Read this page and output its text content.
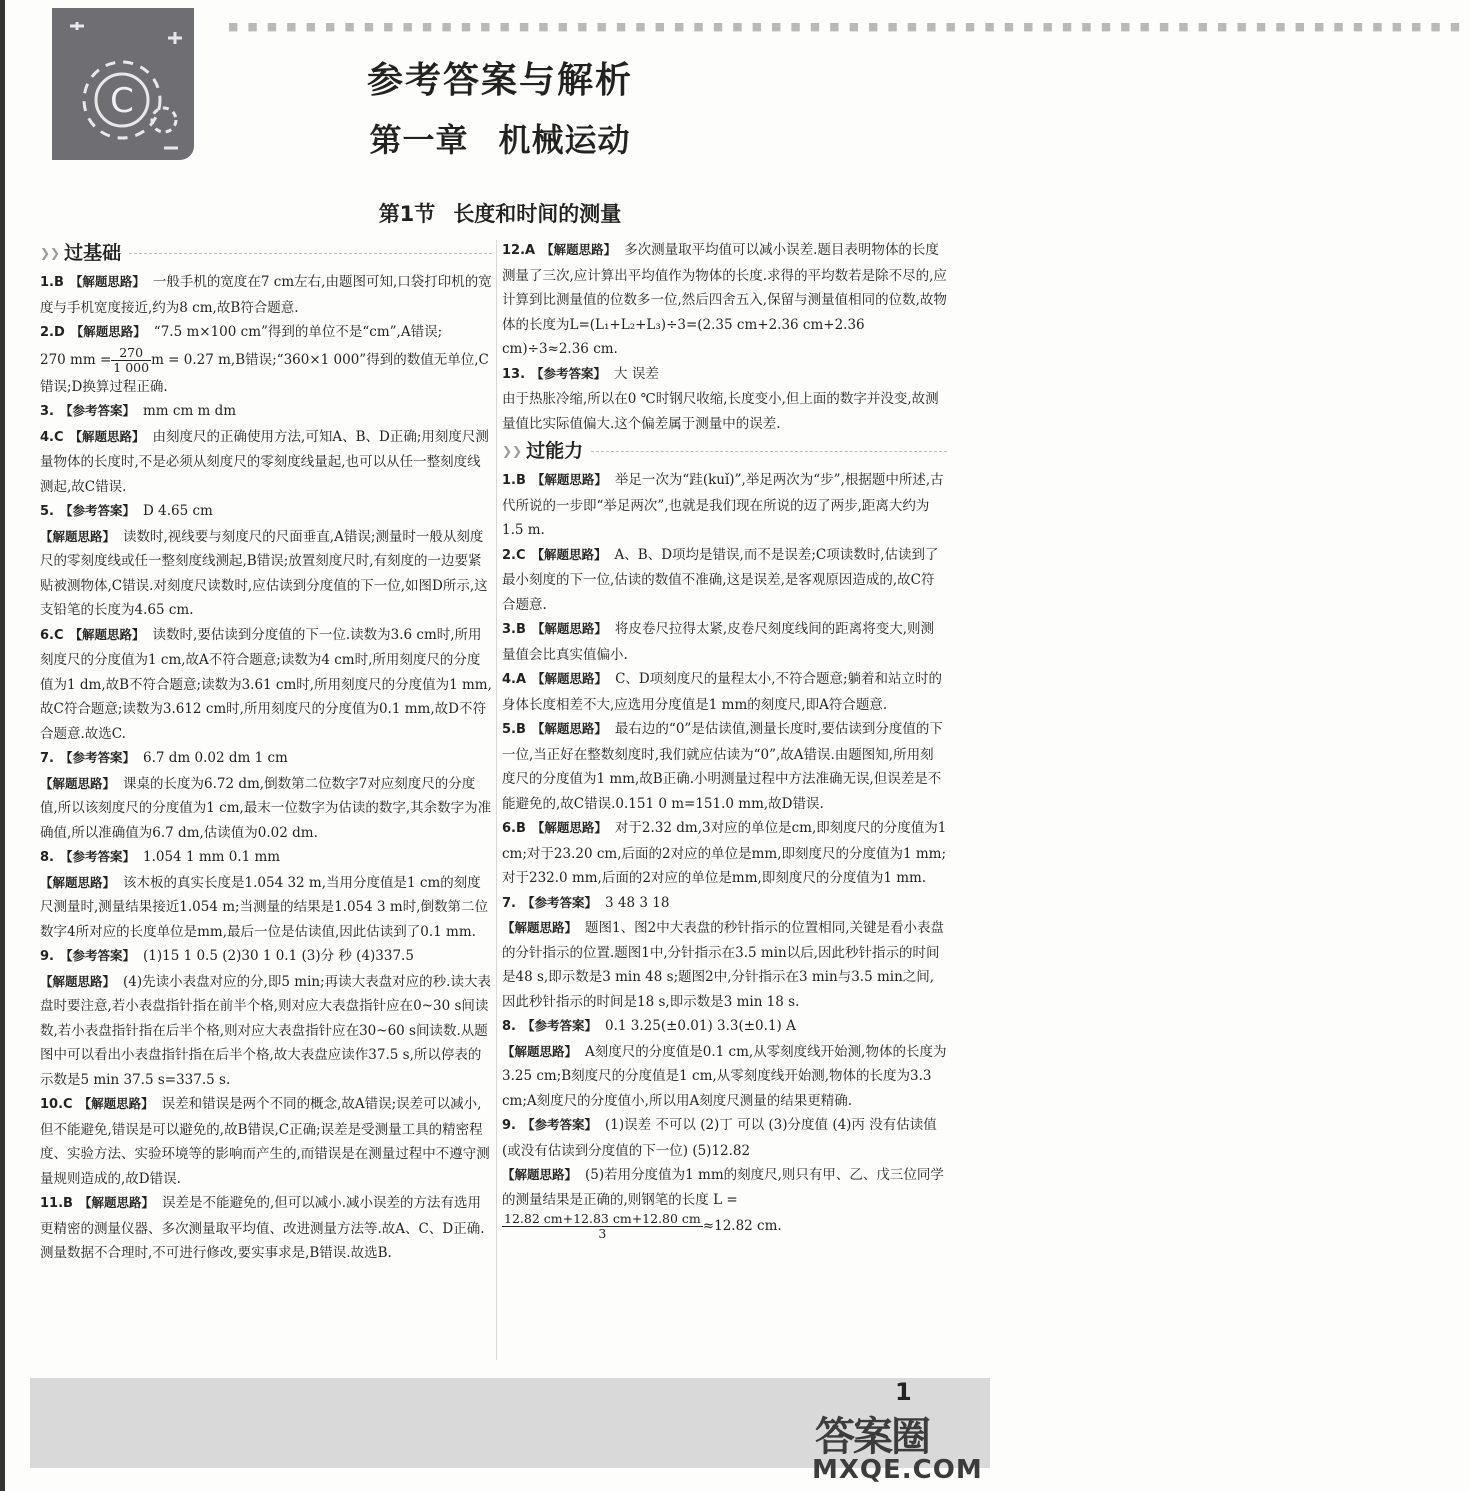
■■■■■■■■■■■■■■■■■■■■■■■■■■■■■■■■■■■■■■■■■■■■■■■■■■■■■■■■■■■■■■■■
C	参考答案与解析
第一章 机械运动
第1节 长度和时间的测量
❯❯ 过基础

1.B 【解题思路】 一般手机的宽度在7 cm左右,由题图可知,口袋打印机的宽度与手机宽度接近,约为8 cm,故B符合题意.

2.D 【解题思路】 “7.5 m×100 cm”得到的单位不是“cm”,A错误;
270 mm = $\frac{270}{1 000}$ m = 0.27 m,B错误;“360×1 000”得到的数值无单位,C错误;D换算过程正确.

3. 【参考答案】 mm cm m dm

4.C 【解题思路】 由刻度尺的正确使用方法,可知A、B、D正确;用刻度尺测量物体的长度时,不是必须从刻度尺的零刻度线量起,也可以从任一整刻度线测起,故C错误.

5. 【参考答案】 D 4.65 cm

【解题思路】 读数时,视线要与刻度尺的尺面垂直,A错误;测量时一般从刻度尺的零刻度线或任一整刻度线测起,B错误;放置刻度尺时,有刻度的一边要紧贴被测物体,C错误.对刻度尺读数时,应估读到分度值的下一位,如图D所示,这支铅笔的长度为4.65 cm.

6.C 【解题思路】 读数时,要估读到分度值的下一位.读数为3.6 cm时,所用刻度尺的分度值为1 cm,故A不符合题意;读数为4 cm时,所用刻度尺的分度值为1 dm,故B不符合题意;读数为3.61 cm时,所用刻度尺的分度值为1 mm,故C符合题意;读数为3.612 cm时,所用刻度尺的分度值为0.1 mm,故D不符合题意.故选C.

7. 【参考答案】 6.7 dm 0.02 dm 1 cm

【解题思路】 课桌的长度为6.72 dm,倒数第二位数字7对应刻度尺的分度值,所以该刻度尺的分度值为1 cm,最末一位数字为估读的数字,其余数字为准确值,所以准确值为6.7 dm,估读值为0.02 dm.

8. 【参考答案】 1.054 1 mm 0.1 mm

【解题思路】 该木板的真实长度是1.054 32 m,当用分度值是1 cm的刻度尺测量时,测量结果接近1.054 m;当测量的结果是1.054 3 m时,倒数第二位数字4所对应的长度单位是mm,最后一位是估读值,因此估读到了0.1 mm.

9. 【参考答案】 (1)15 1 0.5 (2)30 1 0.1 (3)分 秒 (4)337.5

【解题思路】 (4)先读小表盘对应的分,即5 min;再读大表盘对应的秒.读大表盘时要注意,若小表盘指针指在前半个格,则对应大表盘指针应在0~30 s间读数,若小表盘指针指在后半个格,则对应大表盘指针应在30~60 s间读数.从题图中可以看出小表盘指针指在后半个格,故大表盘应读作37.5 s,所以停表的示数是5 min 37.5 s=337.5 s.

10.C 【解题思路】 误差和错误是两个不同的概念,故A错误;误差可以减小,但不能避免,错误是可以避免的,故B错误,C正确;误差是受测量工具的精密程度、实验方法、实验环境等的影响而产生的,而错误是在测量过程中不遵守测量规则造成的,故D错误.

11.B 【解题思路】 误差是不能避免的,但可以减小.减小误差的方法有选用更精密的测量仪器、多次测量取平均值、改进测量方法等.故A、C、D正确.测量数据不合理时,不可进行修改,要实事求是,B错误.故选B.

12.A 【解题思路】 多次测量取平均值可以减小误差.题目表明物体的长度测量了三次,应计算出平均值作为物体的长度.求得的平均数若是除不尽的,应计算到比测量值的位数多一位,然后四舍五入,保留与测量值相同的位数,故物体的长度为L=(L₁+L₂+L₃)÷3=(2.35 cm+2.36 cm+2.36 cm)÷3≈2.36 cm.

13. 【参考答案】 大 误差

由于热胀冷缩,所以在0 ℃时钢尺收缩,长度变小,但上面的数字并没变,故测量值比实际值偏大.这个偏差属于测量中的误差.

❯❯ 过能力

1.B 【解题思路】 举足一次为“跬(kuǐ)”,举足两次为“步”,根据题中所述,古代所说的一步即“举足两次”,也就是我们现在所说的迈了两步,距离大约为1.5 m.

2.C 【解题思路】 A、B、D项均是错误,而不是误差;C项读数时,估读到了最小刻度的下一位,估读的数值不准确,这是误差,是客观原因造成的,故C符合题意.

3.B 【解题思路】 将皮卷尺拉得太紧,皮卷尺刻度线间的距离将变大,则测量值会比真实值偏小.

4.A 【解题思路】 C、D项刻度尺的量程太小,不符合题意;躺着和站立时的身体长度相差不大,应选用分度值是1 mm的刻度尺,即A符合题意.

5.B 【解题思路】 最右边的“0”是估读值,测量长度时,要估读到分度值的下一位,当正好在整数刻度时,我们就应估读为“0”,故A错误.由题图知,所用刻度尺的分度值为1 mm,故B正确.小明测量过程中方法准确无误,但误差是不能避免的,故C错误.0.151 0 m=151.0 mm,故D错误.

6.B 【解题思路】 对于2.32 dm,3对应的单位是cm,即刻度尺的分度值为1 cm;对于23.20 cm,后面的2对应的单位是mm,即刻度尺的分度值为1 mm;对于232.0 mm,后面的2对应的单位是mm,即刻度尺的分度值为1 mm.

7. 【参考答案】 3 48 3 18

【解题思路】 题图1、图2中大表盘的秒针指示的位置相同,关键是看小表盘的分针指示的位置.题图1中,分针指示在3.5 min以后,因此秒针指示的时间是48 s,即示数是3 min 48 s;题图2中,分针指示在3 min与3.5 min之间,因此秒针指示的时间是18 s,即示数是3 min 18 s.

8. 【参考答案】 0.1 3.25(±0.01) 3.3(±0.1) A

【解题思路】 A刻度尺的分度值是0.1 cm,从零刻度线开始测,物体的长度为3.25 cm;B刻度尺的分度值是1 cm,从零刻度线开始测,物体的长度为3.3 cm;A刻度尺的分度值小,所以用A刻度尺测量的结果更精确.

9. 【参考答案】 (1)误差 不可以 (2)丁 可以 (3)分度值 (4)丙 没有估读值(或没有估读到分度值的下一位) (5)12.82

【解题思路】 (5)若用分度值为1 mm的刻度尺,则只有甲、乙、戊三位同学的测量结果是正确的,则钢笔的长度 L =

$\frac{12.82 cm+12.83 cm+12.80 cm}{3} \approx 12.82$ cm.

1
答案圈
MXQE.COM
